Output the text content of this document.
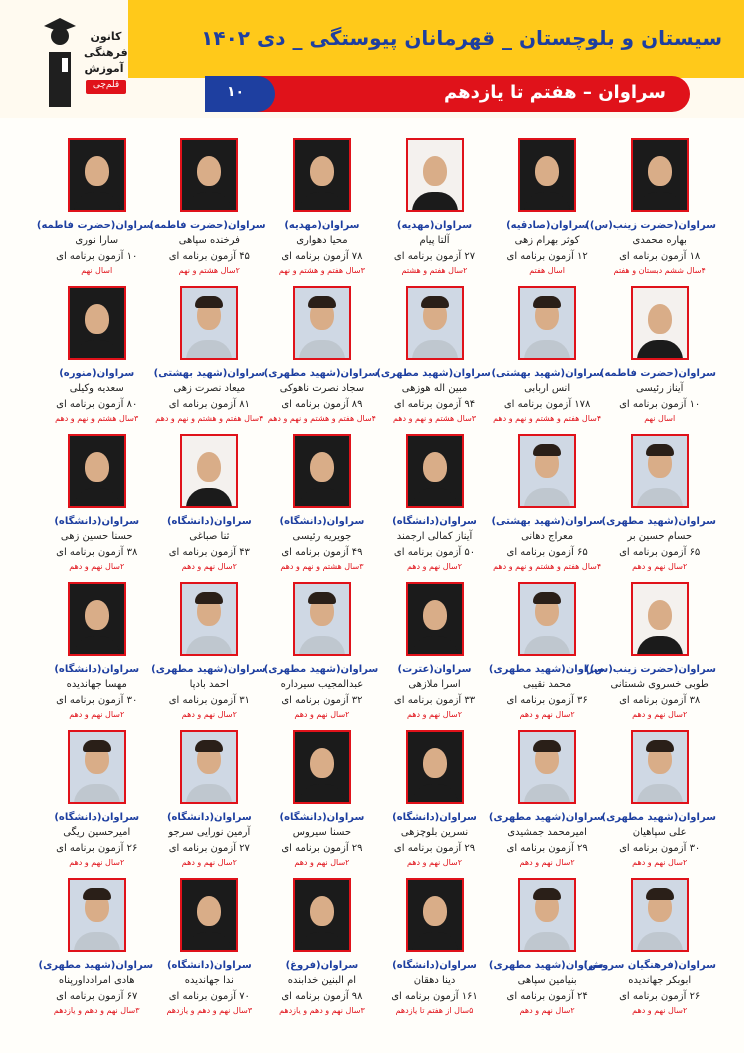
سیستان و بلوچستان _ قهرمانان پیوستگی _ دی ۱۴۰۲
سراوان – هفتم تا یازدهم
۱۰
کانون
فرهنگی
آموزش
قلم‌چی
سراوان(حضرت زینب(س))
بهاره محمدی
۱۸ آزمون برنامه ای
۴سال ششم دبستان و هفتم
سراوان(صادقیه)
کوثر بهرام زهی
۱۲ آزمون برنامه ای
اسال هفتم
سراوان(مهدیه)
آلتا پیام
۲۷ آزمون برنامه ای
۲سال هفتم و هشتم
سراوان(مهدیه)
محیا دهواری
۷۸ آزمون برنامه ای
۳سال هفتم و هشتم و نهم
سراوان(حضرت فاطمه)
فرخنده سپاهی
۴۵ آزمون برنامه ای
۲سال هشتم و نهم
سراوان(حضرت فاطمه)
سارا نوری
۱۰ آزمون برنامه ای
اسال نهم
سراوان(حضرت فاطمه)
آیناز رئیسی
۱۰ آزمون برنامه ای
اسال نهم
سراوان(شهید بهشتی)
انس اربابی
۱۷۸ آزمون برنامه ای
۴سال هفتم و هشتم و نهم و دهم
سراوان(شهید مطهری)
مبین اله هوزهی
۹۴ آزمون برنامه ای
۳سال هشتم و نهم و دهم
سراوان(شهید مطهری)
سجاد نصرت ناهوکی
۸۹ آزمون برنامه ای
۴سال هفتم و هشتم و نهم و دهم
سراوان(شهید بهشتی)
میعاد نصرت زهی
۸۱ آزمون برنامه ای
۴سال هفتم و هشتم و نهم و دهم
سراوان(منوره)
سعدیه وکیلی
۸۰ آزمون برنامه ای
۳سال هشتم و نهم و دهم
سراوان(شهید مطهری)
حسام حسین بر
۶۵ آزمون برنامه ای
۲سال نهم و دهم
سراوان(شهید بهشتی)
معراج دهانی
۶۵ آزمون برنامه ای
۴سال هفتم و هشتم و نهم و دهم
سراوان(دانشگاه)
آیناز کمالی ارجمند
۵۰ آزمون برنامه ای
۲سال نهم و دهم
سراوان(دانشگاه)
جویریه رئیسی
۴۹ آزمون برنامه ای
۳سال هشتم و نهم و دهم
سراوان(دانشگاه)
ثنا صباغی
۴۳ آزمون برنامه ای
۲سال نهم و دهم
سراوان(دانشگاه)
حسنا حسین زهی
۳۸ آزمون برنامه ای
۲سال نهم و دهم
سراوان(حضرت زینب(س))
طوبی خسروی شستانی
۳۸ آزمون برنامه ای
۲سال نهم و دهم
سراوان(شهید مطهری)
محمد نقیبی
۳۶ آزمون برنامه ای
۲سال نهم و دهم
سراوان(عترت)
اسرا ملازهی
۳۳ آزمون برنامه ای
۲سال نهم و دهم
سراوان(شهید مطهری)
عبدالمجیب سیرداره
۳۲ آزمون برنامه ای
۲سال نهم و دهم
سراوان(شهید مطهری)
احمد بادپا
۳۱ آزمون برنامه ای
۲سال نهم و دهم
سراوان(دانشگاه)
مهسا جهانديده
۳۰ آزمون برنامه ای
۲سال نهم و دهم
سراوان(شهید مطهری)
علی سپاهیان
۳۰ آزمون برنامه ای
۲سال نهم و دهم
سراوان(شهید مطهری)
امیرمحمد جمشیدی
۲۹ آزمون برنامه ای
۲سال نهم و دهم
سراوان(دانشگاه)
نسرین بلوچزهی
۲۹ آزمون برنامه ای
۲سال نهم و دهم
سراوان(دانشگاه)
حسنا سیروس
۲۹ آزمون برنامه ای
۲سال نهم و دهم
سراوان(دانشگاه)
آرمین نورایی سرجو
۲۷ آزمون برنامه ای
۲سال نهم و دهم
سراوان(دانشگاه)
امیرحسین ریگی
۲۶ آزمون برنامه ای
۲سال نهم و دهم
سراوان(فرهنگیان سروش)
ابوبکر جهاندیده
۲۶ آزمون برنامه ای
۲سال نهم و دهم
سراوان(شهید مطهری)
بنیامین سپاهی
۲۴ آزمون برنامه ای
۲سال نهم و دهم
سراوان(دانشگاه)
دینا دهقان
۱۶۱ آزمون برنامه ای
۵سال از هفتم تا یازدهم
سراوان(فروغ)
ام البنین خدابنده
۹۸ آزمون برنامه ای
۳سال نهم و دهم و یازدهم
سراوان(دانشگاه)
ندا جهاندیده
۷۰ آزمون برنامه ای
۳سال نهم و دهم و یازدهم
سراوان(شهید مطهری)
هادی امرادداورپناه
۶۷ آزمون برنامه ای
۳سال نهم و دهم و یازدهم
